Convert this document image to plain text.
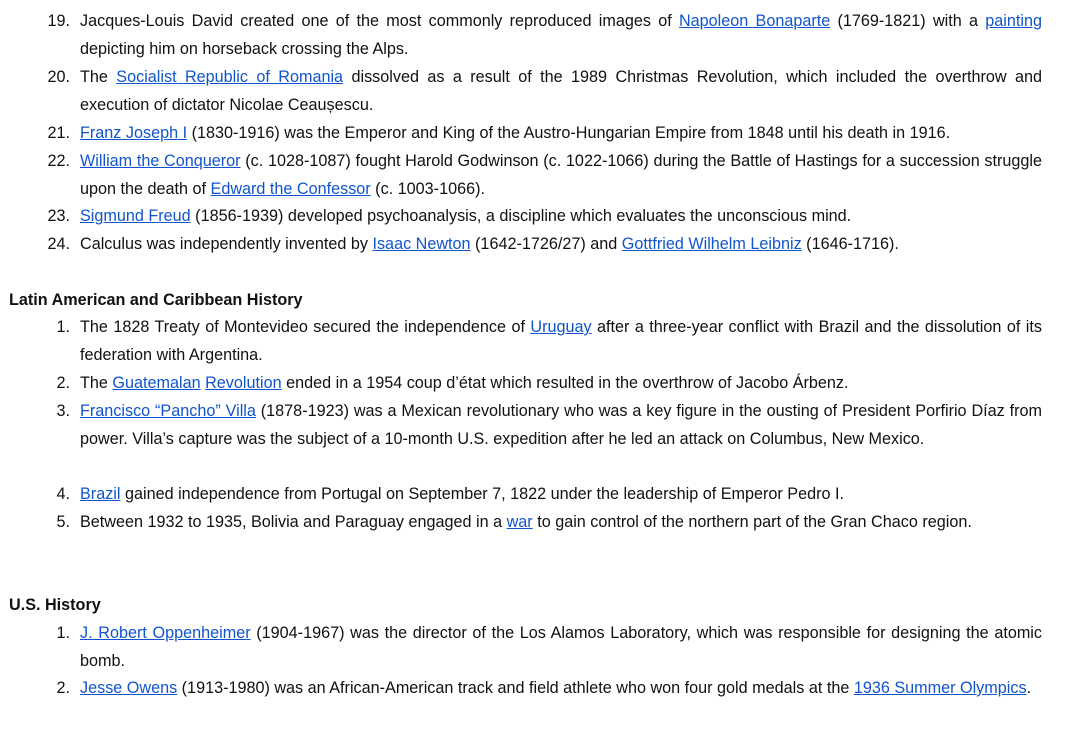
19. Jacques-Louis David created one of the most commonly reproduced images of Napoleon Bonaparte (1769-1821) with a painting depicting him on horseback crossing the Alps.
20. The Socialist Republic of Romania dissolved as a result of the 1989 Christmas Revolution, which included the overthrow and execution of dictator Nicolae Ceaușescu.
21. Franz Joseph I (1830-1916) was the Emperor and King of the Austro-Hungarian Empire from 1848 until his death in 1916.
22. William the Conqueror (c. 1028-1087) fought Harold Godwinson (c. 1022-1066) during the Battle of Hastings for a succession struggle upon the death of Edward the Confessor (c. 1003-1066).
23. Sigmund Freud (1856-1939) developed psychoanalysis, a discipline which evaluates the unconscious mind.
24. Calculus was independently invented by Isaac Newton (1642-1726/27) and Gottfried Wilhelm Leibniz (1646-1716).
Latin American and Caribbean History
1. The 1828 Treaty of Montevideo secured the independence of Uruguay after a three-year conflict with Brazil and the dissolution of its federation with Argentina.
2. The Guatemalan Revolution ended in a 1954 coup d’état which resulted in the overthrow of Jacobo Árbenz.
3. Francisco “Pancho” Villa (1878-1923) was a Mexican revolutionary who was a key figure in the ousting of President Porfirio Díaz from power. Villa’s capture was the subject of a 10-month U.S. expedition after he led an attack on Columbus, New Mexico.
4. Brazil gained independence from Portugal on September 7, 1822 under the leadership of Emperor Pedro I.
5. Between 1932 to 1935, Bolivia and Paraguay engaged in a war to gain control of the northern part of the Gran Chaco region.
U.S. History
1. J. Robert Oppenheimer (1904-1967) was the director of the Los Alamos Laboratory, which was responsible for designing the atomic bomb.
2. Jesse Owens (1913-1980) was an African-American track and field athlete who won four gold medals at the 1936 Summer Olympics.
